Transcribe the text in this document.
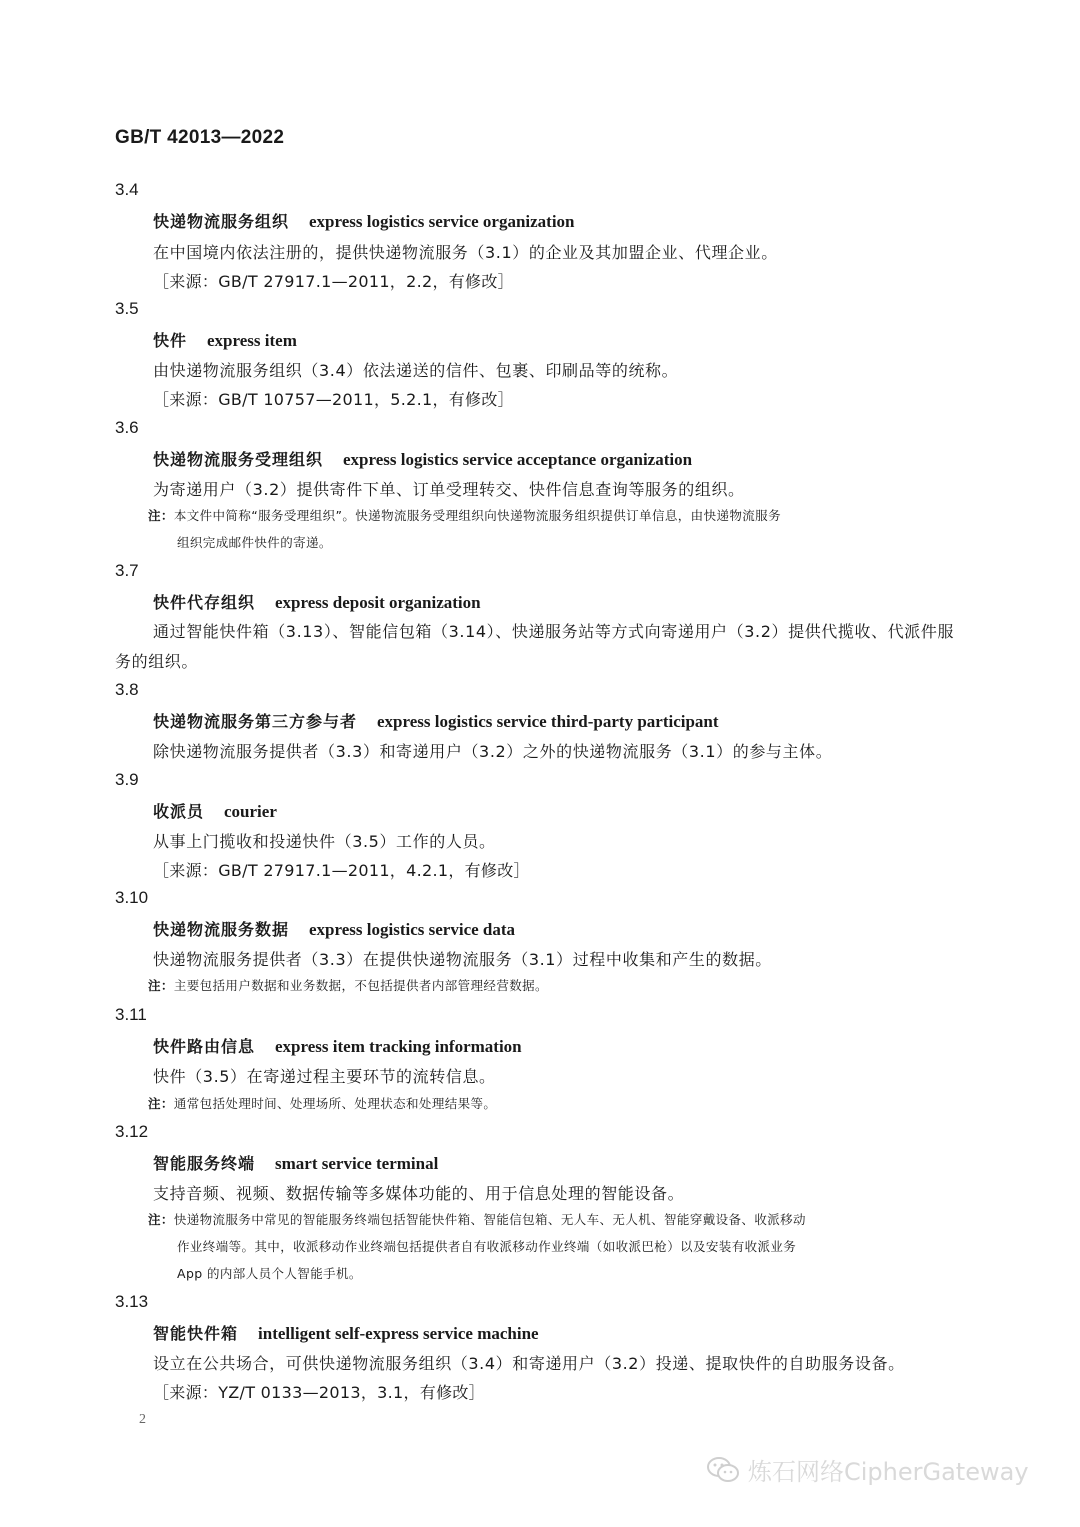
GB/T 42013—2022
3.4
快递物流服务组织 express logistics service organization
在中国境内依法注册的，提供快递物流服务（3.1）的企业及其加盟企业、代理企业。
［来源：GB/T 27917.1—2011，2.2，有修改］
3.5
快件 express item
由快递物流服务组织（3.4）依法递送的信件、包裹、印刷品等的统称。
［来源：GB/T 10757—2011，5.2.1，有修改］
3.6
快递物流服务受理组织 express logistics service acceptance organization
为寄递用户（3.2）提供寄件下单、订单受理转交、快件信息查询等服务的组织。
注：本文件中简称“服务受理组织”。快递物流服务受理组织向快递物流服务组织提供订单信息，由快递物流服务
组织完成邮件快件的寄递。
3.7
快件代存组织 express deposit organization
通过智能快件箱（3.13）、智能信包箱（3.14）、快递服务站等方式向寄递用户（3.2）提供代揽收、代派件服务的组织。
3.8
快递物流服务第三方参与者 express logistics service third-party participant
除快递物流服务提供者（3.3）和寄递用户（3.2）之外的快递物流服务（3.1）的参与主体。
3.9
收派员 courier
从事上门揽收和投递快件（3.5）工作的人员。
［来源：GB/T 27917.1—2011，4.2.1，有修改］
3.10
快递物流服务数据 express logistics service data
快递物流服务提供者（3.3）在提供快递物流服务（3.1）过程中收集和产生的数据。
注：主要包括用户数据和业务数据，不包括提供者内部管理经营数据。
3.11
快件路由信息 express item tracking information
快件（3.5）在寄递过程主要环节的流转信息。
注：通常包括处理时间、处理场所、处理状态和处理结果等。
3.12
智能服务终端 smart service terminal
支持音频、视频、数据传输等多媒体功能的、用于信息处理的智能设备。
注：快递物流服务中常见的智能服务终端包括智能快件箱、智能信包箱、无人车、无人机、智能穿戴设备、收派移动
作业终端等。其中，收派移动作业终端包括提供者自有收派移动作业终端（如收派巴枪）以及安装有收派业务
App 的内部人员个人智能手机。
3.13
智能快件箱 intelligent self-express service machine
设立在公共场合，可供快递物流服务组织（3.4）和寄递用户（3.2）投递、提取快件的自助服务设备。
［来源：YZ/T 0133—2013，3.1，有修改］
2
炼石网络CipherGateway
